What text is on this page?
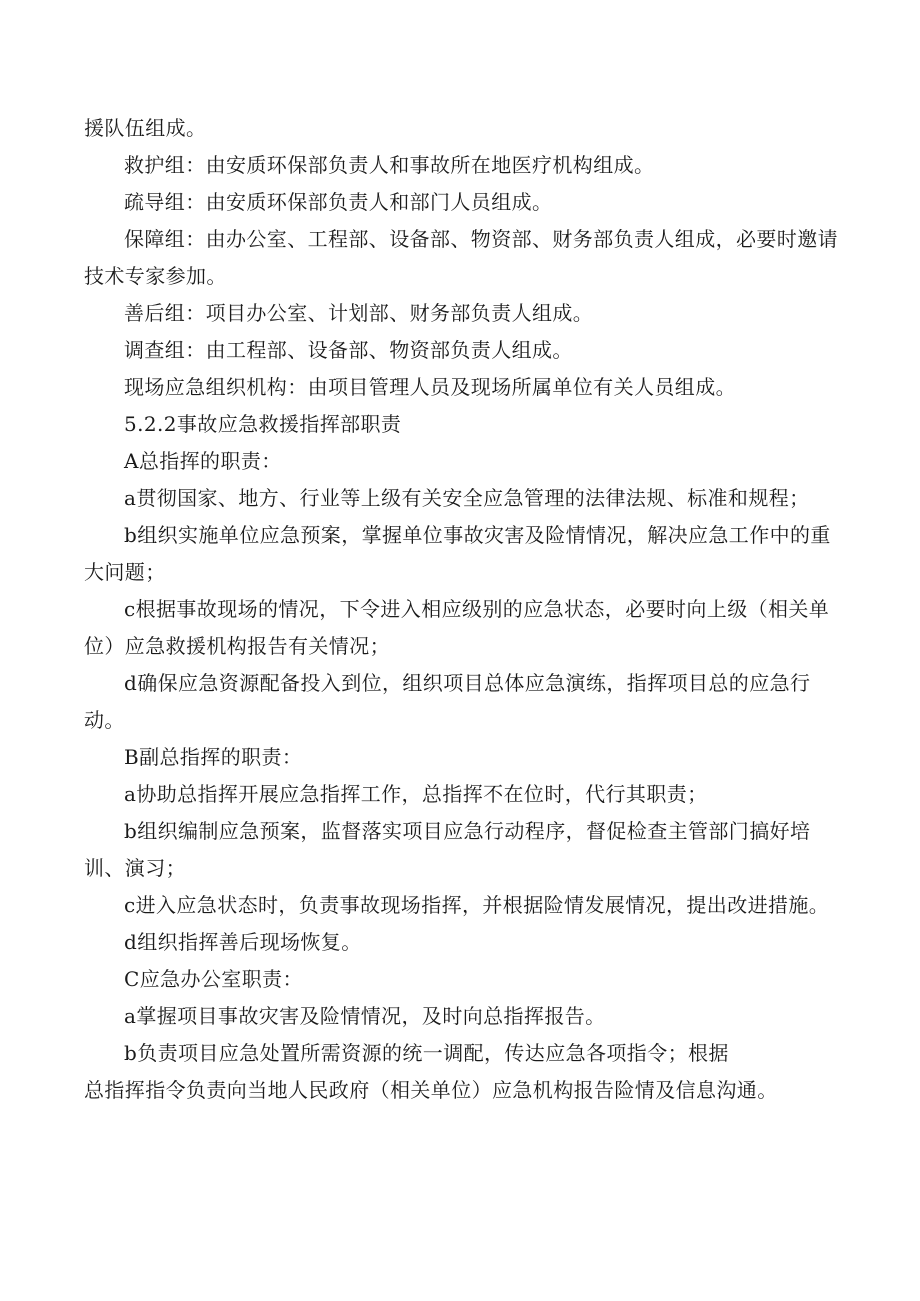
援队伍组成。

救护组：由安质环保部负责人和事故所在地医疗机构组成。

疏导组：由安质环保部负责人和部门人员组成。

保障组：由办公室、工程部、设备部、物资部、财务部负责人组成，必要时邀请技术专家参加。

善后组：项目办公室、计划部、财务部负责人组成。

调查组：由工程部、设备部、物资部负责人组成。

现场应急组织机构：由项目管理人员及现场所属单位有关人员组成。

5.2.2事故应急救援指挥部职责

A总指挥的职责：

a贯彻国家、地方、行业等上级有关安全应急管理的法律法规、标准和规程；

b组织实施单位应急预案，掌握单位事故灾害及险情情况，解决应急工作中的重大问题；

c根据事故现场的情况，下令进入相应级别的应急状态，必要时向上级（相关单位）应急救援机构报告有关情况；

d确保应急资源配备投入到位，组织项目总体应急演练，指挥项目总的应急行动。

B副总指挥的职责：

a协助总指挥开展应急指挥工作，总指挥不在位时，代行其职责；

b组织编制应急预案，监督落实项目应急行动程序，督促检查主管部门搞好培训、演习；

c进入应急状态时，负责事故现场指挥，并根据险情发展情况，提出改进措施。

d组织指挥善后现场恢复。

C应急办公室职责：

a掌握项目事故灾害及险情情况，及时向总指挥报告。

b负责项目应急处置所需资源的统一调配，传达应急各项指令；根据

总指挥指令负责向当地人民政府（相关单位）应急机构报告险情及信息沟通。
